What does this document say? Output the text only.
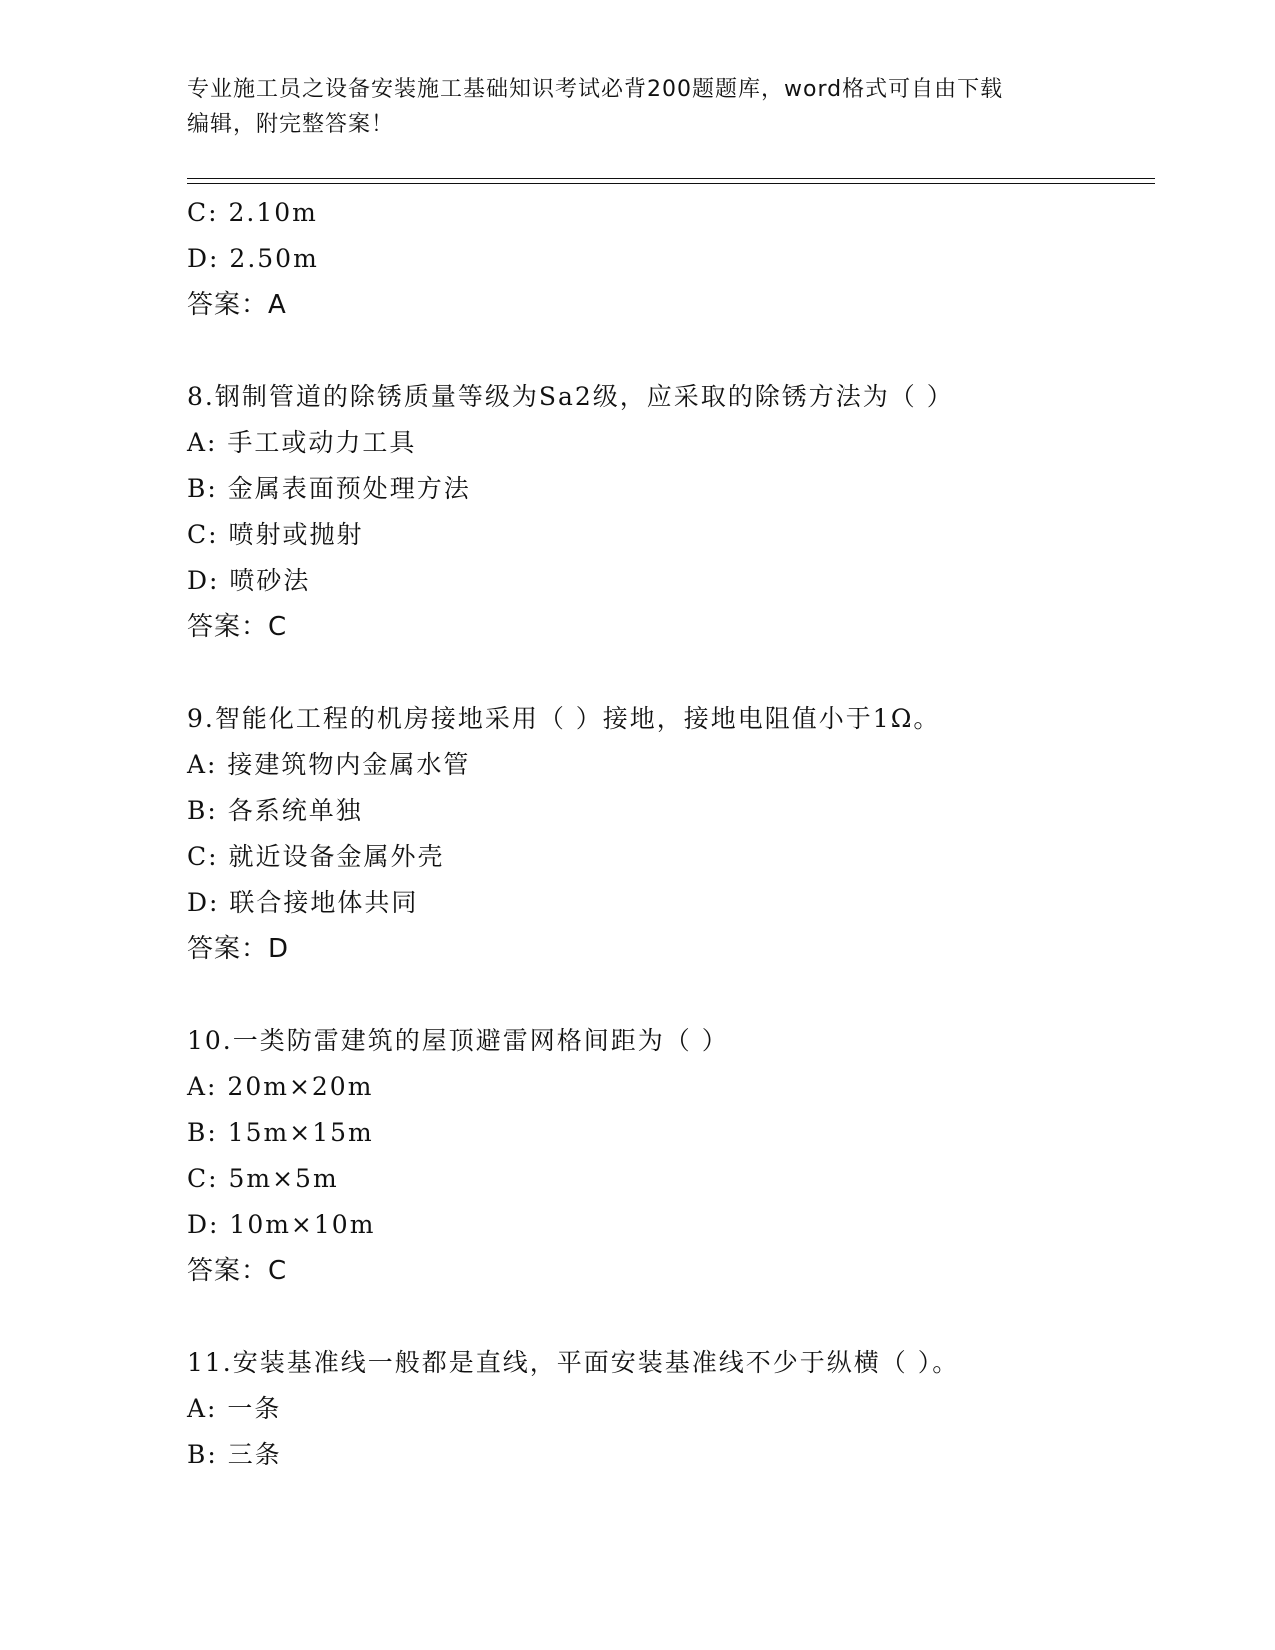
专业施工员之设备安装施工基础知识考试必背200题题库，word格式可自由下载
编辑，附完整答案！
C: 2.10m
D: 2.50m
答案：A
8.钢制管道的除锈质量等级为Sa2级，应采取的除锈方法为（ ）
A: 手工或动力工具
B: 金属表面预处理方法
C: 喷射或抛射
D: 喷砂法
答案：C
9.智能化工程的机房接地采用（ ）接地，接地电阻值小于1Ω。
A: 接建筑物内金属水管
B: 各系统单独
C: 就近设备金属外壳
D: 联合接地体共同
答案：D
10.一类防雷建筑的屋顶避雷网格间距为（ ）
A: 20m×20m
B: 15m×15m
C: 5m×5m
D: 10m×10m
答案：C
11.安装基准线一般都是直线，平面安装基准线不少于纵横（ ）。
A: 一条
B: 三条
